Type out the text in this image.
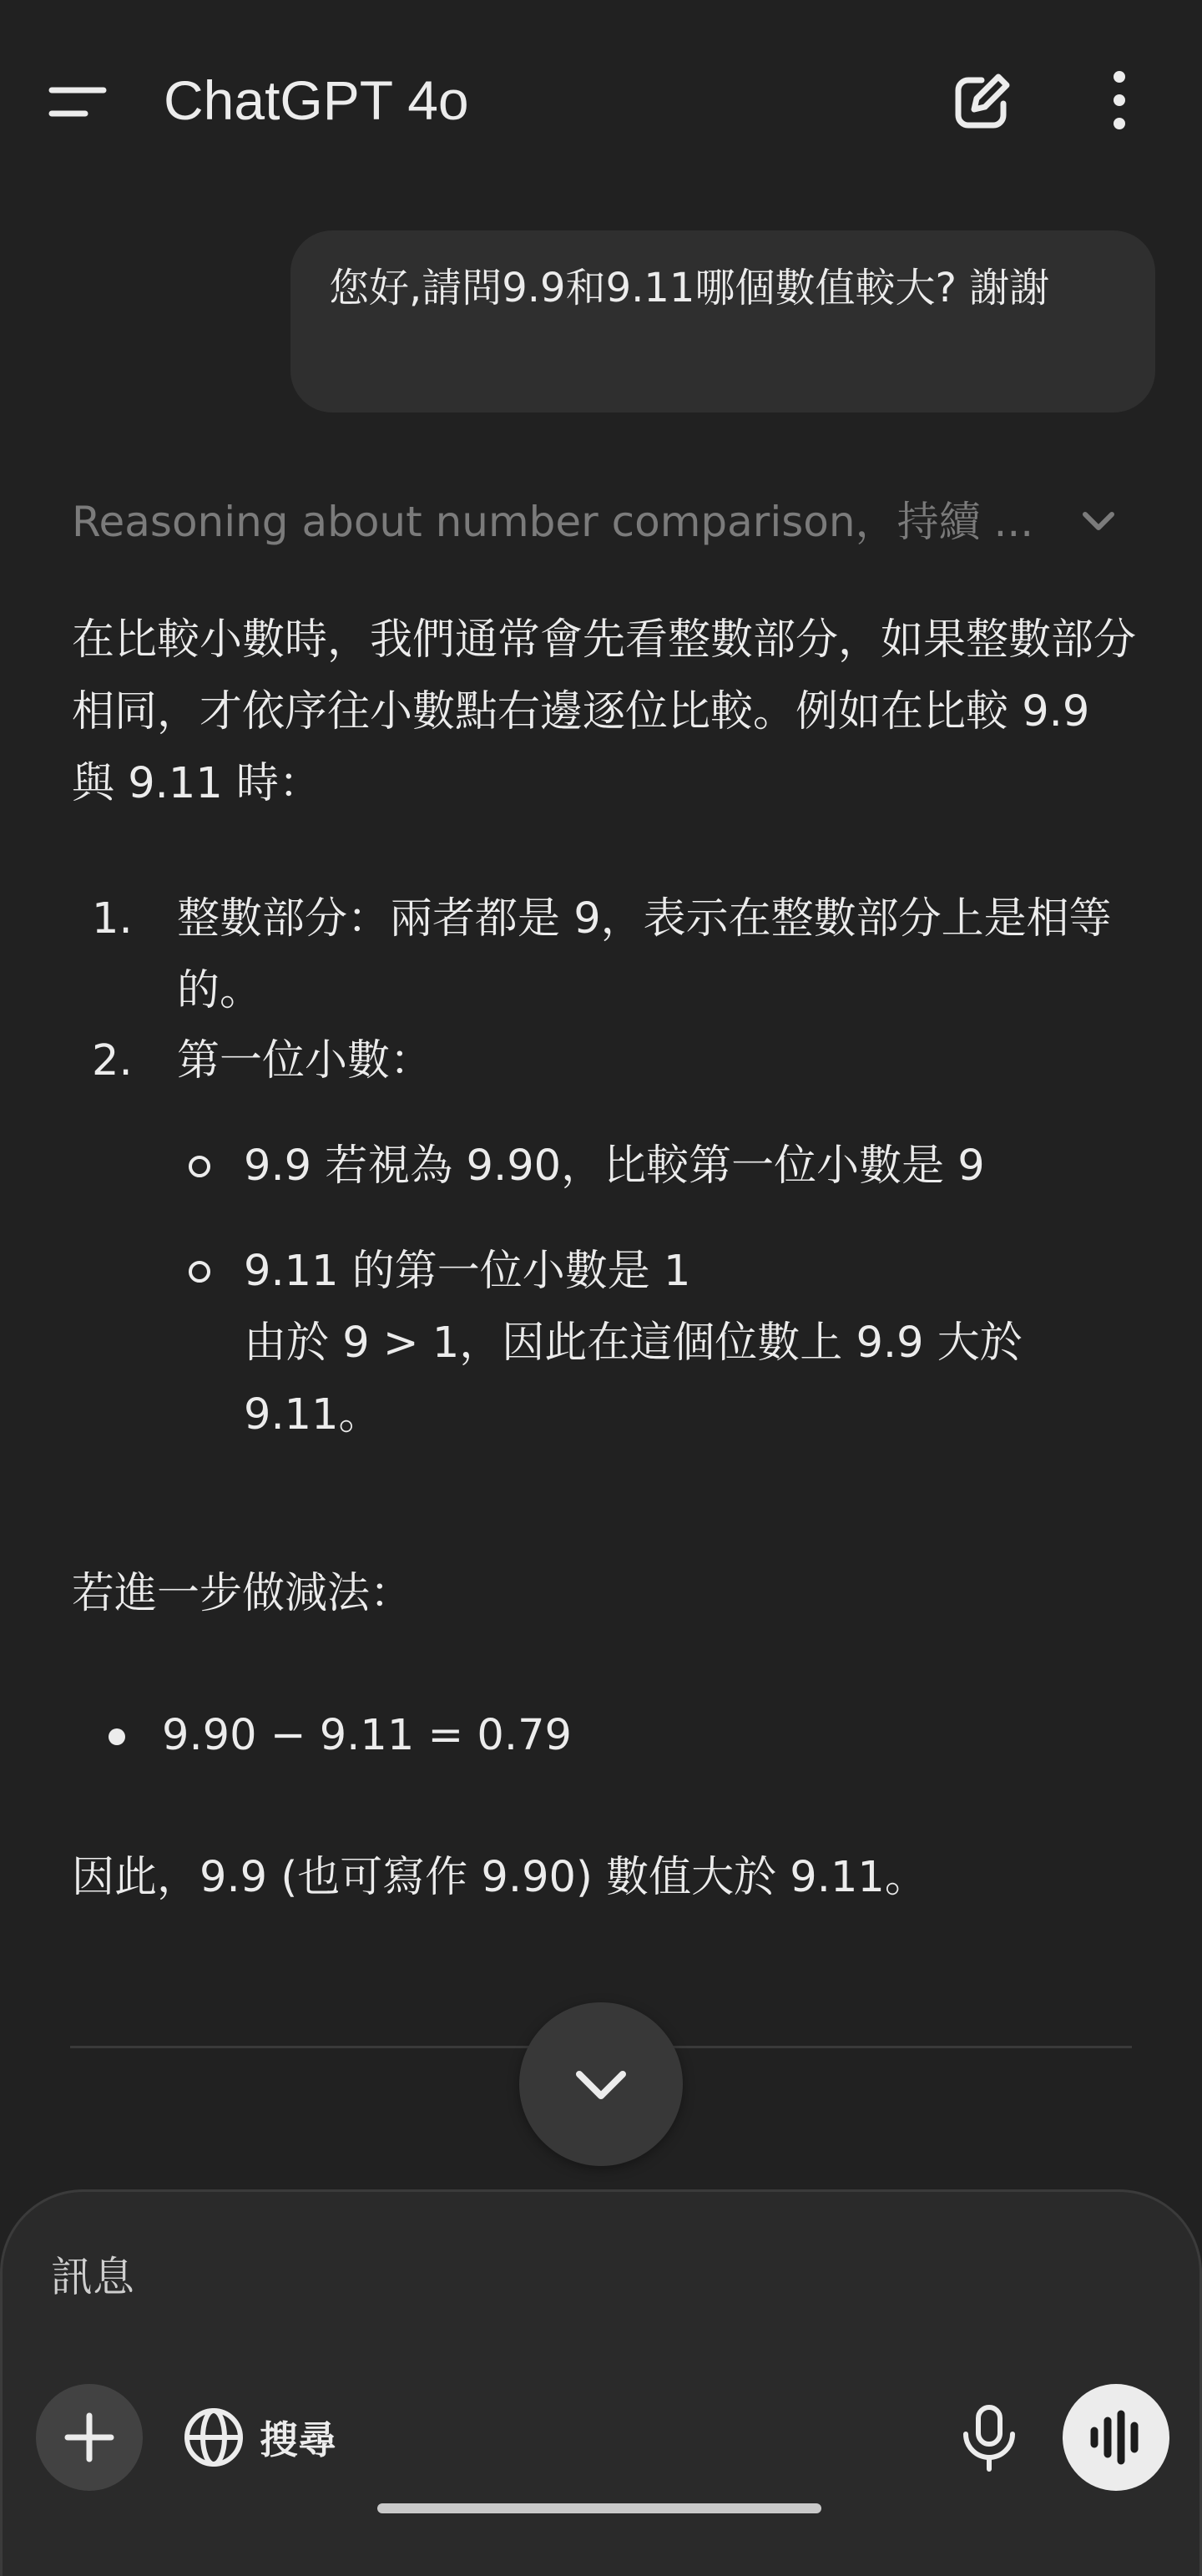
ChatGPT 4o
您好,請問9.9和9.11哪個數值較大? 謝謝
Reasoning about number comparison，持續 ...

在比較小數時，我們通常會先看整數部分，如果整數部分相同，才依序往小數點右邊逐位比較。例如在比較 9.9 與 9.11 時：

1.	整數部分：兩者都是 9，表示在整數部分上是相等的。
2.	第一位小數：
9.9 若視為 9.90，比較第一位小數是 9
9.11 的第一位小數是 1
由於 9 > 1，因此在這個位數上 9.9 大於 9.11。

若進一步做減法：

9.90 − 9.11 = 0.79

因此，9.9 (也可寫作 9.90) 數值大於 9.11。

訊息
搜尋
